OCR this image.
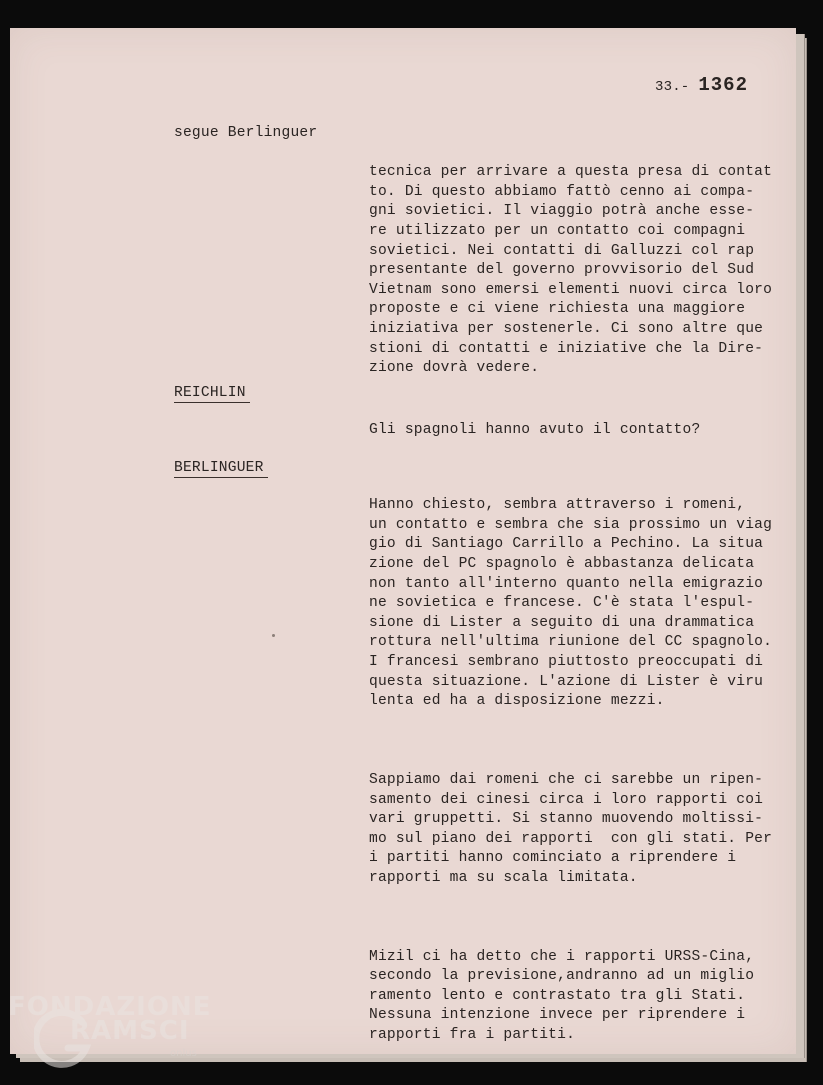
33.- 1362
segue Berlinguer

tecnica per arrivare a questa presa di contat
to. Di questo abbiamo fattò cenno ai compa-
gni sovietici. Il viaggio potrà anche esse-
re utilizzato per un contatto coi compagni
sovietici. Nei contatti di Galluzzi col rap
presentante del governo provvisorio del Sud
Vietnam sono emersi elementi nuovi circa loro
proposte e ci viene richiesta una maggiore
iniziativa per sostenerle. Ci sono altre que
stioni di contatti e iniziative che la Dire-
zione dovrà vedere.

REICHLIN

Gli spagnoli hanno avuto il contatto?

BERLINGUER

Hanno chiesto, sembra attraverso i romeni,
un contatto e sembra che sia prossimo un viag
gio di Santiago Carrillo a Pechino. La situa
zione del PC spagnolo è abbastanza delicata
non tanto all'interno quanto nella emigrazio
ne sovietica e francese. C'è stata l'espul-
sione di Lister a seguito di una drammatica
rottura nell'ultima riunione del CC spagnolo.
I francesi sembrano piuttosto preoccupati di
questa situazione. L'azione di Lister è viru
lenta ed ha a disposizione mezzi.

Sappiamo dai romeni che ci sarebbe un ripen-
samento dei cinesi circa i loro rapporti coi
vari gruppetti. Si stanno muovendo moltissi-
mo sul piano dei rapporti  con gli stati. Per
i partiti hanno cominciato a riprendere i
rapporti ma su scala limitata.

Mizil ci ha detto che i rapporti URSS-Cina,
secondo la previsione,andranno ad un miglio
ramento lento e contrastato tra gli Stati.
Nessuna intenzione invece per riprendere i
rapporti fra i partiti.

FONDAZIONE
RAMSCI
onlus
